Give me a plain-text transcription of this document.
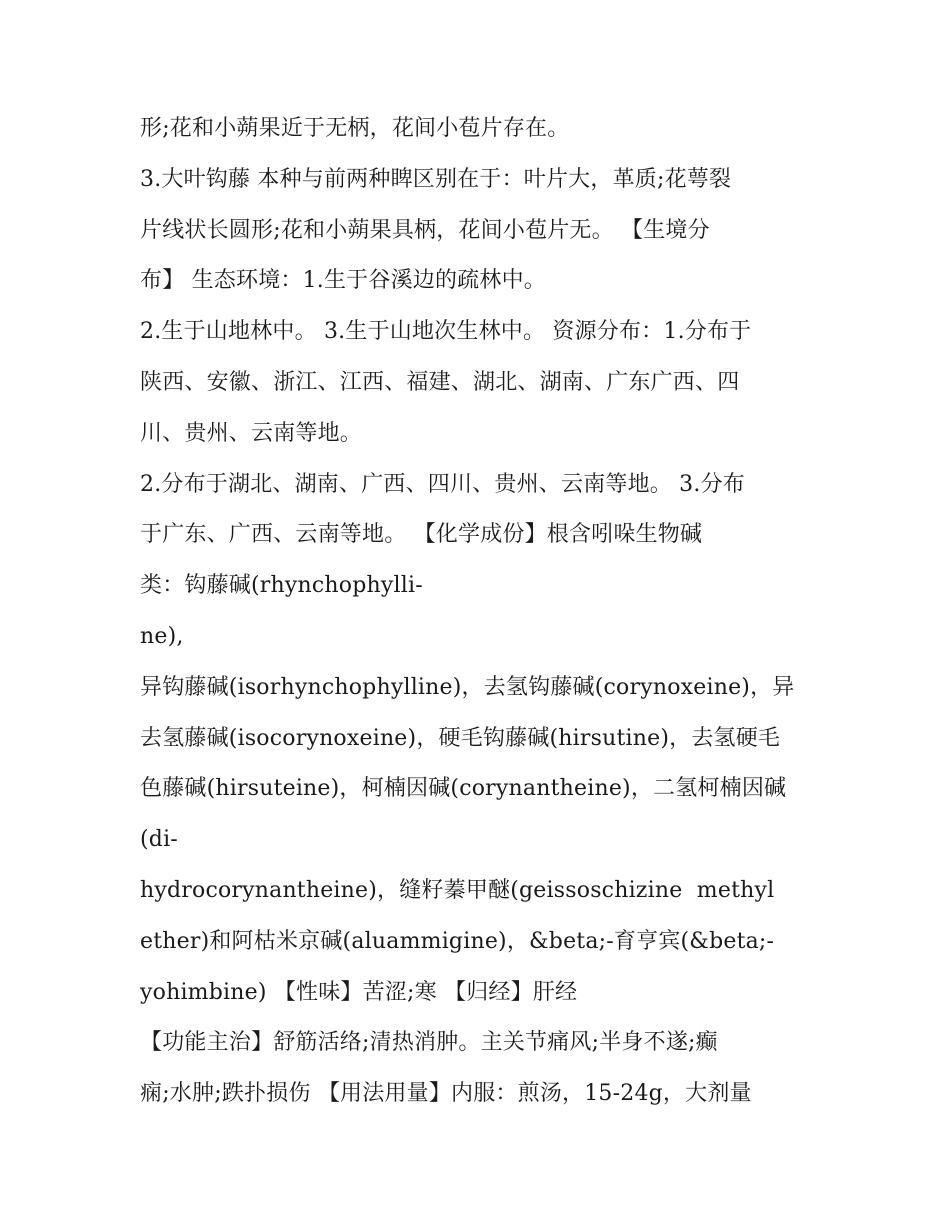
形;花和小蒴果近于无柄，花间小苞片存在。
3.大叶钩藤 本种与前两种睥区别在于：叶片大，革质;花萼裂
片线状长圆形;花和小蒴果具柄，花间小苞片无。 【生境分
布】 生态环境：1.生于谷溪边的疏林中。
2.生于山地林中。 3.生于山地次生林中。 资源分布：1.分布于
陕西、安徽、浙江、江西、福建、湖北、湖南、广东广西、四
川、贵州、云南等地。
2.分布于湖北、湖南、广西、四川、贵州、云南等地。 3.分布
于广东、广西、云南等地。 【化学成份】根含吲哚生物碱
类：钩藤碱(rhynchophylli-
ne),
异钩藤碱(isorhynchophylline)，去氢钩藤碱(corynoxeine)，异
去氢藤碱(isocorynoxeine)，硬毛钩藤碱(hirsutine)，去氢硬毛
色藤碱(hirsuteine)，柯楠因碱(corynantheine)，二氢柯楠因碱
(di-
hydrocorynantheine)，缝籽蓁甲醚(geissoschizine  methyl
ether)和阿枯米京碱(aluammigine)，&beta;-育亨宾(&beta;-
yohimbine) 【性味】苦涩;寒 【归经】肝经
【功能主治】舒筋活络;清热消肿。主关节痛风;半身不遂;癫
痫;水肿;跌扑损伤 【用法用量】内服：煎汤，15-24g，大剂量
